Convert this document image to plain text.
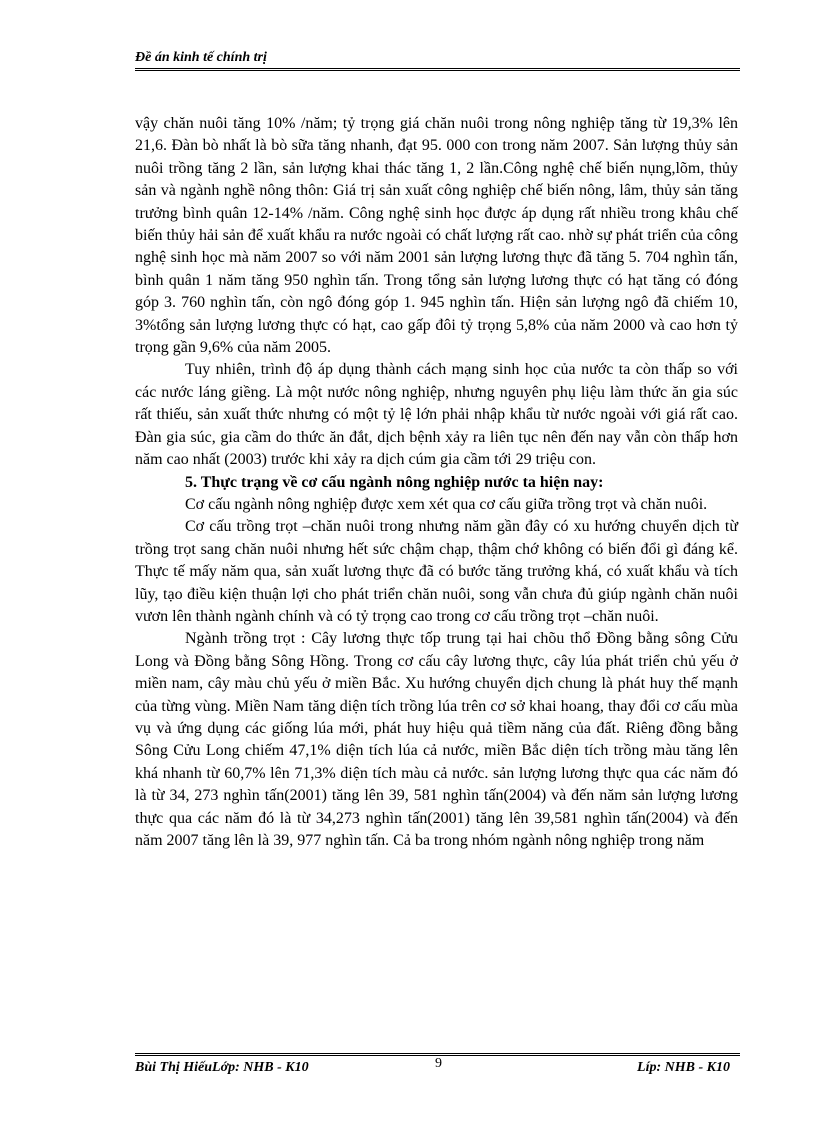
Đề án kinh tế chính trị

vậy chăn nuôi tăng 10% /năm; tỷ trọng giá chăn nuôi trong nông nghiệp tăng từ 19,3% lên 21,6. Đàn bò nhất là bò sữa tăng nhanh, đạt 95. 000 con trong năm 2007. Sản lượng thủy sản nuôi trồng tăng 2 lần, sản lượng khai thác tăng 1, 2 lần.Công nghệ chế biến nụng,lõm, thủy sản và ngành nghề nông thôn: Giá trị sản xuất công nghiệp chế biến nông, lâm, thủy sản tăng trưởng bình quân 12-14% /năm. Công nghệ sinh học được áp dụng rất nhiều trong khâu chế biến thủy hải sản để xuất khẩu ra nước ngoài có chất lượng rất cao. nhờ sự phát triển của công nghệ sinh học mà năm 2007 so với năm 2001 sản lượng lương thực đã tăng 5. 704 nghìn tấn, bình quân 1 năm tăng 950 nghìn tấn. Trong tổng sản lượng lương thực có hạt tăng có đóng góp 3. 760 nghìn tấn, còn ngô đóng góp 1. 945 nghìn tấn. Hiện sản lượng ngô đã chiếm 10, 3%tổng sản lượng lương thực có hạt, cao gấp đôi tỷ trọng 5,8% của năm 2000 và cao hơn tỷ trọng gần 9,6% của năm 2005.

Tuy nhiên, trình độ áp dụng thành cách mạng sinh học của nước ta còn thấp so với các nước láng giềng. Là một nước nông nghiệp, nhưng nguyên phụ liệu làm thức ăn gia súc rất thiếu, sản xuất thức nhưng có một tỷ lệ lớn phải nhập khẩu từ nước ngoài với giá rất cao. Đàn gia súc, gia cầm do thức ăn đắt, dịch bệnh xảy ra liên tục nên đến nay vẫn còn thấp hơn năm cao nhất (2003) trước khi xảy ra dịch cúm gia cầm tới 29 triệu con.

5. Thực trạng về cơ cấu ngành nông nghiệp nước ta hiện nay:

Cơ cấu ngành nông nghiệp được xem xét qua cơ cấu giữa trồng trọt và chăn nuôi.

Cơ cấu trồng trọt –chăn nuôi trong nhưng năm gần đây có xu hướng chuyển dịch từ trồng trọt sang chăn nuôi nhưng hết sức chậm chạp, thậm chớ không có biến đổi gì đáng kể. Thực tế mấy năm qua, sản xuất lương thực đã có bước tăng trưởng khá, có xuất khẩu và tích lũy, tạo điều kiện thuận lợi cho phát triển chăn nuôi, song vẫn chưa đủ giúp ngành chăn nuôi vươn lên thành ngành chính và có tỷ trọng cao trong cơ cấu trồng trọt –chăn nuôi.

Ngành trồng trọt : Cây lương thực tốp trung tại hai chõu thổ Đồng bằng sông Cửu Long và Đồng bằng Sông Hồng. Trong cơ cấu cây lương thực, cây lúa phát triển chủ yếu ở miền nam, cây màu chủ yếu ở miền Bắc. Xu hướng chuyển dịch chung là phát huy thế mạnh của từng vùng. Miền Nam tăng diện tích trồng lúa trên cơ sở khai hoang, thay đổi cơ cấu mùa vụ và ứng dụng các giống lúa mới, phát huy hiệu quả tiềm năng của đất. Riêng đồng bằng Sông Cửu Long chiếm 47,1% diện tích lúa cả nước, miền Bắc diện tích trồng màu tăng lên khá nhanh từ 60,7% lên 71,3% diện tích màu cả nước. sản lượng lương thực qua các năm đó là từ 34, 273 nghìn tấn(2001) tăng lên 39, 581 nghìn tấn(2004) và đến năm sản lượng lương thực qua các năm đó là từ 34,273 nghìn tấn(2001) tăng lên 39,581 nghìn tấn(2004) và đến năm 2007 tăng lên là 39, 977 nghìn tấn. Cả ba trong nhóm ngành nông nghiệp trong năm

Bùi Thị HiếuLớp: NHB - K10	9	Líp: NHB - K10
